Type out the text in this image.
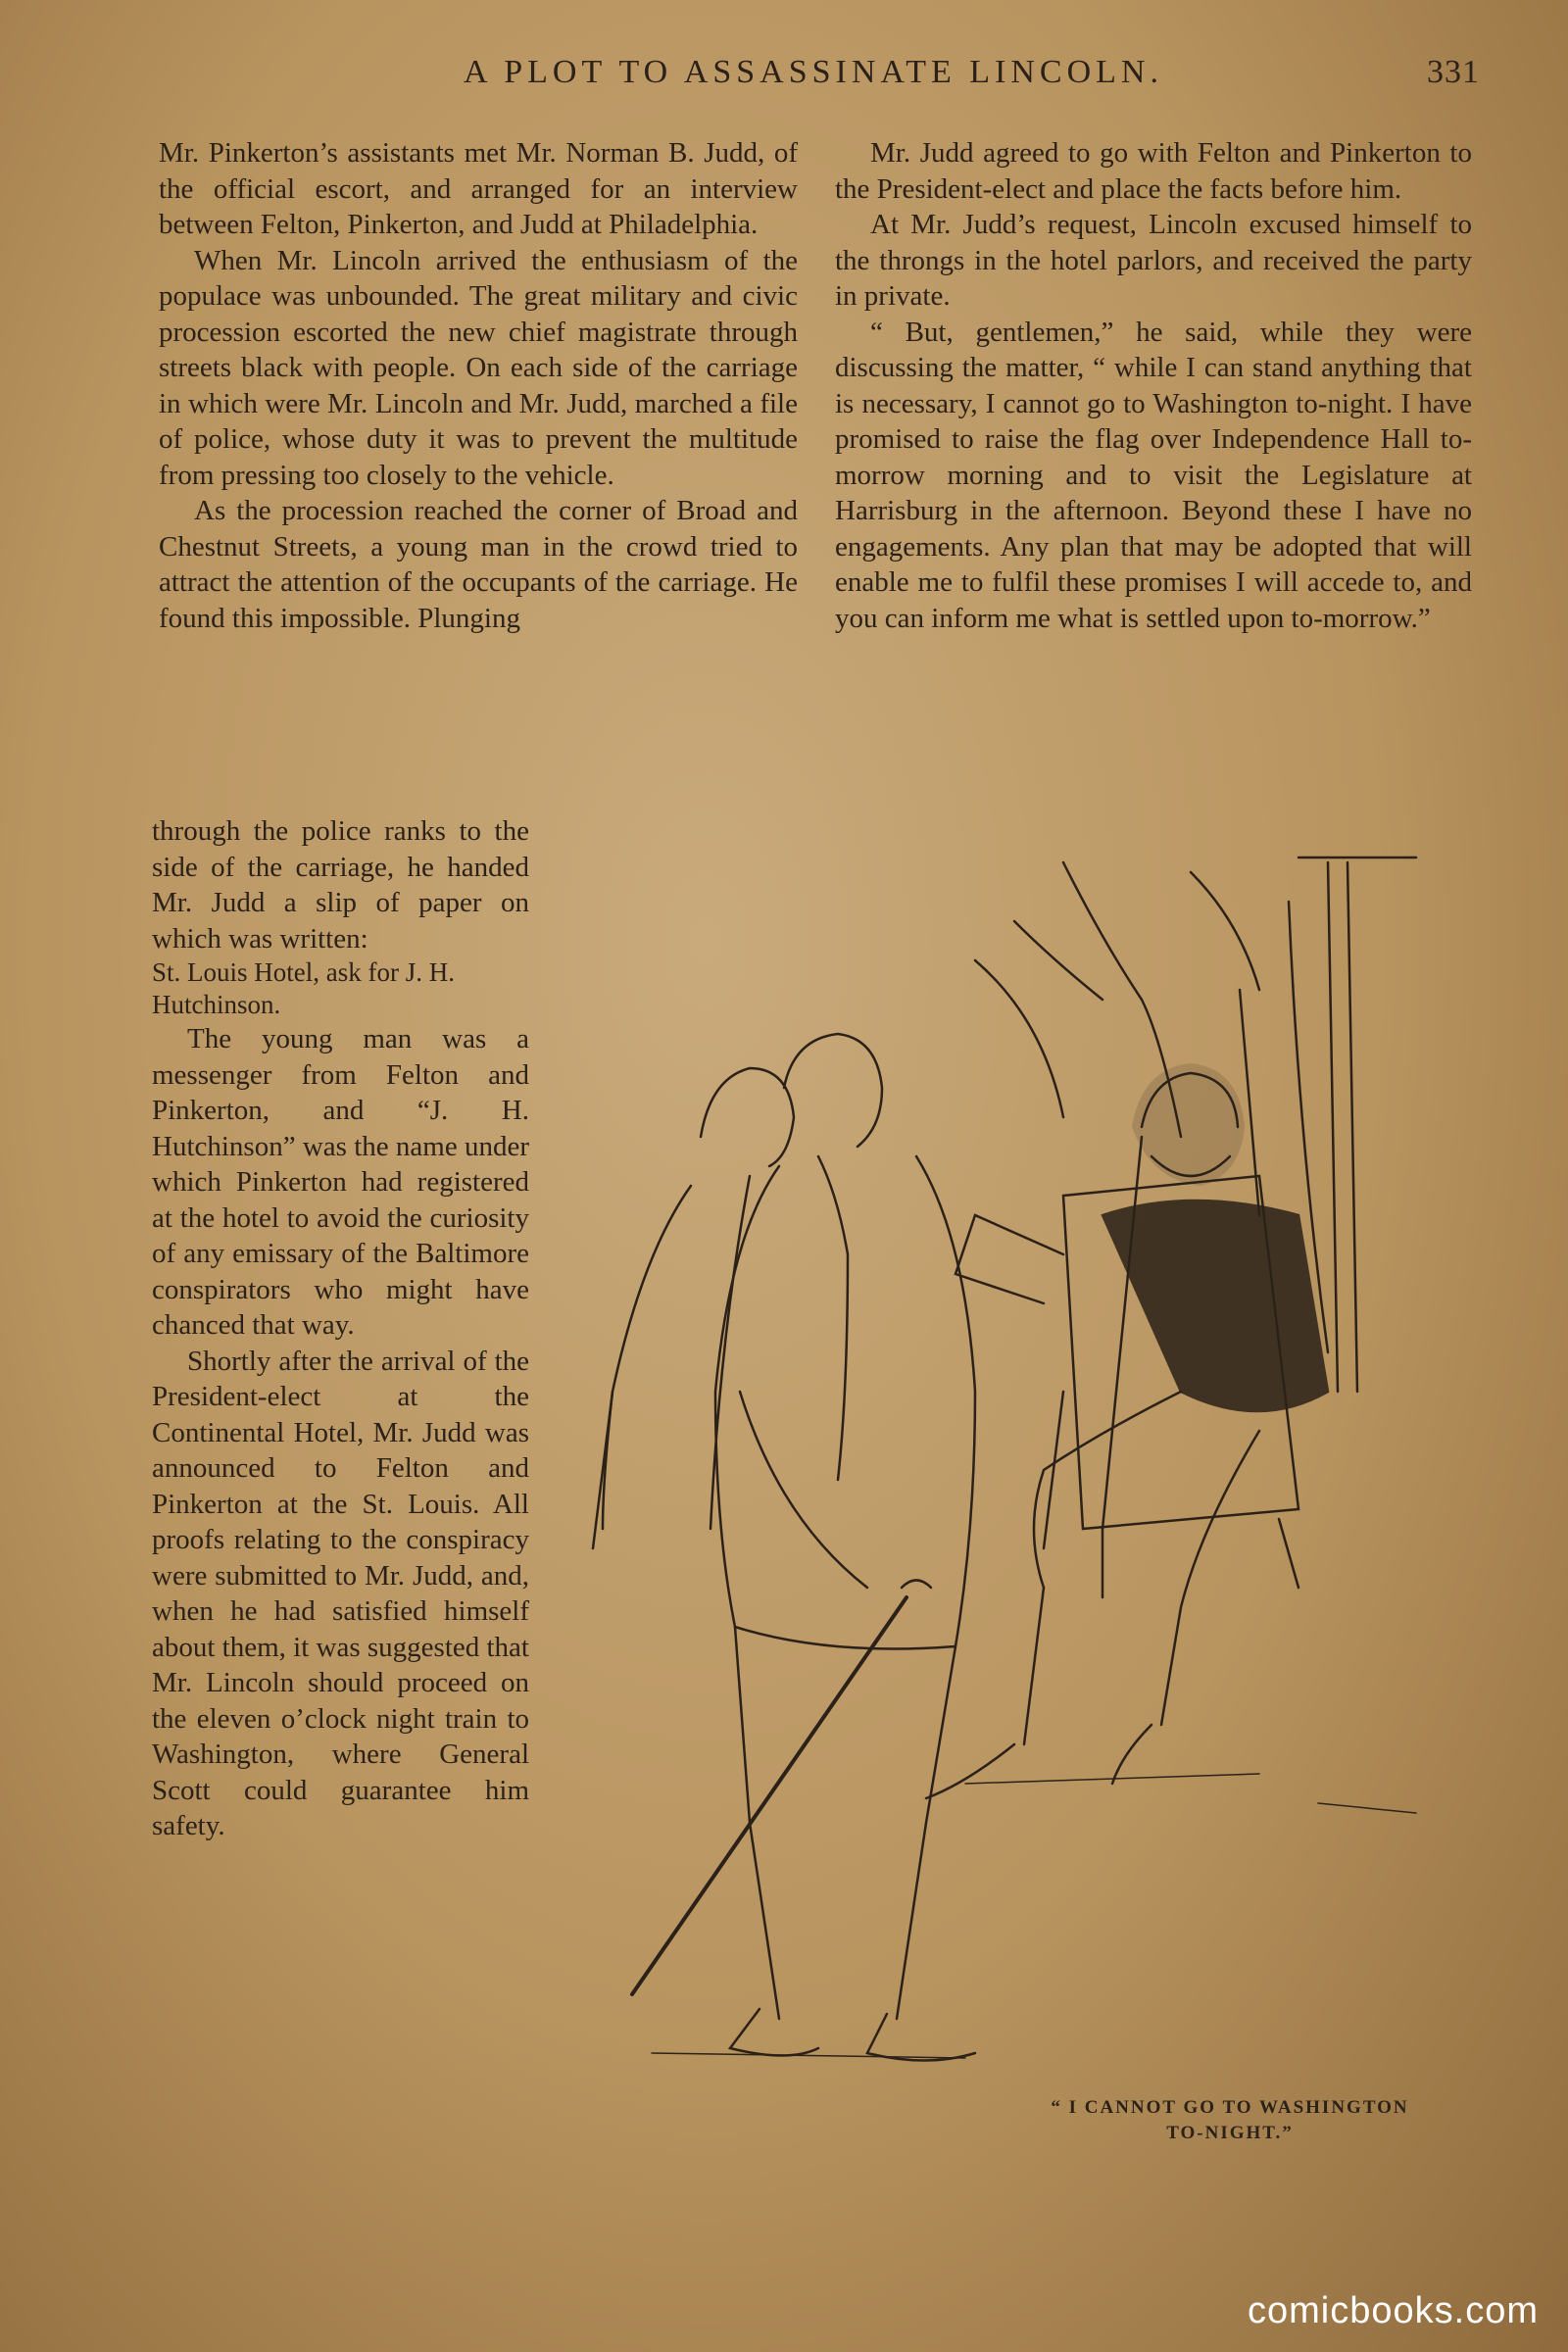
A PLOT TO ASSASSINATE LINCOLN.	331

Mr. Pinkerton’s assistants met Mr. Norman B. Judd, of the official escort, and arranged for an interview between Felton, Pinkerton, and Judd at Philadelphia.

When Mr. Lincoln arrived the enthusiasm of the populace was unbounded. The great military and civic procession escorted the new chief magistrate through streets black with people. On each side of the carriage in which were Mr. Lincoln and Mr. Judd, marched a file of police, whose duty it was to prevent the multitude from pressing too closely to the vehicle.

As the procession reached the corner of Broad and Chestnut Streets, a young man in the crowd tried to attract the attention of the occupants of the carriage. He found this impossible. Plunging

through the police ranks to the side of the carriage, he handed Mr. Judd a slip of paper on which was written:

St. Louis Hotel, ask for J. H. Hutchinson.

The young man was a messenger from Felton and Pinkerton, and “J. H. Hutchinson” was the name under which Pinkerton had registered at the hotel to avoid the curiosity of any emissary of the Baltimore conspirators who might have chanced that way.

Shortly after the arrival of the President-elect at the Continental Hotel, Mr. Judd was announced to Felton and Pinkerton at the St. Louis. All proofs relating to the conspiracy were submitted to Mr. Judd, and, when he had satisfied himself about them, it was suggested that Mr. Lincoln should proceed on the eleven o’clock night train to Washington, where General Scott could guarantee him safety.

Mr. Judd agreed to go with Felton and Pinkerton to the President-elect and place the facts before him.

At Mr. Judd’s request, Lincoln excused himself to the throngs in the hotel parlors, and received the party in private.

“ But, gentlemen,” he said, while they were discussing the matter, “ while I can stand anything that is necessary, I cannot go to Washington to-night. I have promised to raise the flag over Independence Hall to-morrow morning and to visit the Legislature at Harrisburg in the afternoon. Beyond these I have no engagements. Any plan that may be adopted that will enable me to fulfil these promises I will accede to, and you can inform me what is settled upon to-morrow.”

“ I CANNOT GO TO WASHINGTON
TO-NIGHT.”
comicbooks.com
